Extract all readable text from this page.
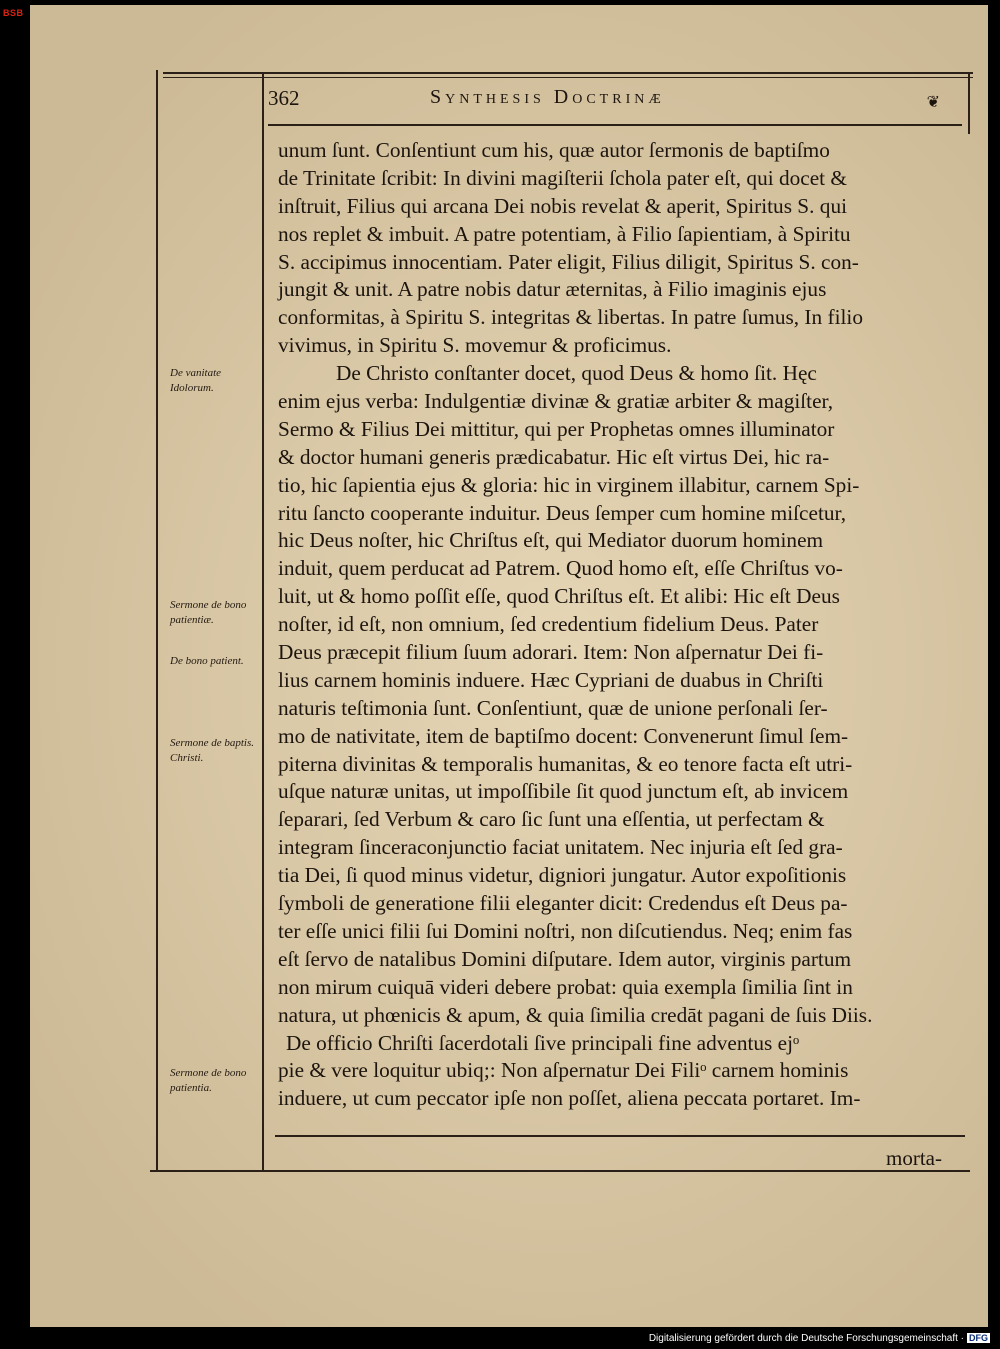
BSB
362	Synthesis Doctrinæ	❦
De vanitate Idolorum.
Sermone de bono patientiæ.
De bono patient.
Sermone de baptis. Christi.
Sermone de bono patientia.
unum ſunt. Conſentiunt cum his, quæ autor ſermonis de baptiſmo
de Trinitate ſcribit: In divini magiſterii ſchola pater eſt, qui docet &
inſtruit, Filius qui arcana Dei nobis revelat & aperit, Spiritus S. qui
nos replet & imbuit. A patre potentiam, à Filio ſapientiam, à Spiritu
S. accipimus innocentiam. Pater eligit, Filius diligit, Spiritus S. con-
jungit & unit. A patre nobis datur æternitas, à Filio imaginis ejus
conformitas, à Spiritu S. integritas & libertas. In patre ſumus, In filio
vivimus, in Spiritu S. movemur & proficimus.
De Christo conſtanter docet, quod Deus & homo ſit. Hęc
enim ejus verba: Indulgentiæ divinæ & gratiæ arbiter & magiſter,
Sermo & Filius Dei mittitur, qui per Prophetas omnes illuminator
& doctor humani generis prædicabatur. Hic eſt virtus Dei, hic ra-
tio, hic ſapientia ejus & gloria: hic in virginem illabitur, carnem Spi-
ritu ſancto cooperante induitur. Deus ſemper cum homine miſcetur,
hic Deus noſter, hic Chriſtus eſt, qui Mediator duorum hominem
induit, quem perducat ad Patrem. Quod homo eſt, eſſe Chriſtus vo-
luit, ut & homo poſſit eſſe, quod Chriſtus eſt. Et alibi: Hic eſt Deus
noſter, id eſt, non omnium, ſed credentium fidelium Deus. Pater
Deus præcepit filium ſuum adorari. Item: Non aſpernatur Dei fi-
lius carnem hominis induere. Hæc Cypriani de duabus in Chriſti
naturis teſtimonia ſunt. Conſentiunt, quæ de unione perſonali ſer-
mo de nativitate, item de baptiſmo docent: Convenerunt ſimul ſem-
piterna divinitas & temporalis humanitas, & eo tenore facta eſt utri-
uſque naturæ unitas, ut impoſſibile ſit quod junctum eſt, ab invicem
ſeparari, ſed Verbum & caro ſic ſunt una eſſentia, ut perfectam &
integram ſinceraconjunctio faciat unitatem. Nec injuria eſt ſed gra-
tia Dei, ſi quod minus videtur, digniori jungatur. Autor expoſitionis
ſymboli de generatione filii eleganter dicit: Credendus eſt Deus pa-
ter eſſe unici filii ſui Domini noſtri, non diſcutiendus. Neq; enim fas
eſt ſervo de natalibus Domini diſputare. Idem autor, virginis partum
non mirum cuiquā videri debere probat: quia exempla ſimilia ſint in
natura, ut phœnicis & apum, & quia ſimilia credāt pagani de ſuis Diis.
De officio Chriſti ſacerdotali ſive principali fine adventus ejᵒ
pie & vere loquitur ubiq;: Non aſpernatur Dei Filiᵒ carnem hominis
induere, ut cum peccator ipſe non poſſet, aliena peccata portaret. Im-
morta-
Digitalisierung gefördert durch die Deutsche Forschungsgemeinschaft · DFG
